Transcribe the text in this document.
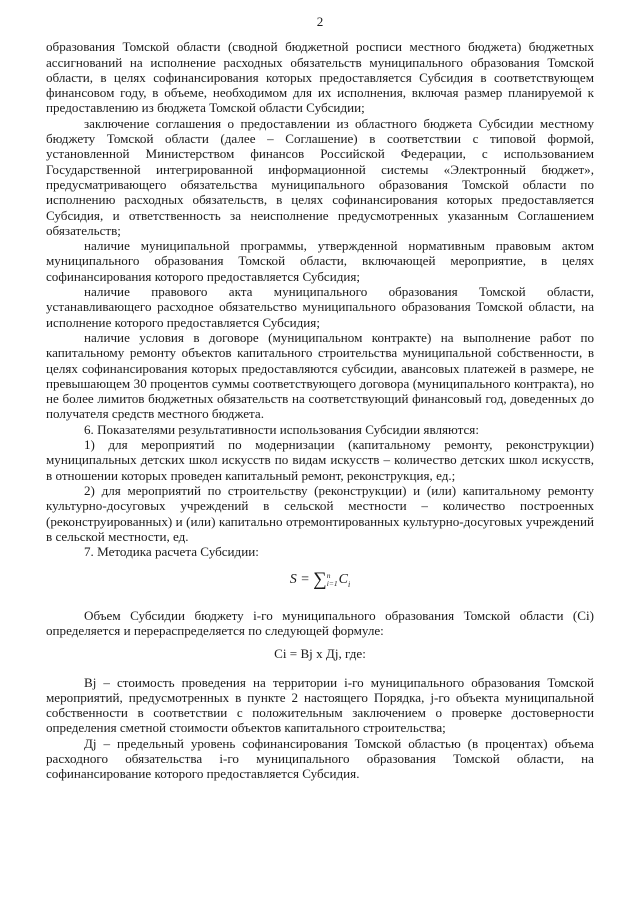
2

образования Томской области (сводной бюджетной росписи местного бюджета) бюджетных ассигнований на исполнение расходных обязательств муниципального образования Томской области, в целях софинансирования которых предоставляется Субсидия в соответствующем финансовом году, в объеме, необходимом для их исполнения, включая размер планируемой к предоставлению из бюджета Томской области Субсидии;

заключение соглашения о предоставлении из областного бюджета Субсидии местному бюджету Томской области (далее – Соглашение) в соответствии с типовой формой, установленной Министерством финансов Российской Федерации, с использованием Государственной интегрированной информационной системы «Электронный бюджет», предусматривающего обязательства муниципального образования Томской области по исполнению расходных обязательств, в целях софинансирования которых предоставляется Субсидия, и ответственность за неисполнение предусмотренных указанным Соглашением обязательств;

наличие муниципальной программы, утвержденной нормативным правовым актом муниципального образования Томской области, включающей мероприятие, в целях софинансирования которого предоставляется Субсидия;

наличие правового акта муниципального образования Томской области, устанавливающего расходное обязательство муниципального образования Томской области, на исполнение которого предоставляется Субсидия;

наличие условия в договоре (муниципальном контракте) на выполнение работ по капитальному ремонту объектов капитального строительства муниципальной собственности, в целях софинансирования которых предоставляются субсидии, авансовых платежей в размере, не превышающем 30 процентов суммы соответствующего договора (муниципального контракта), но не более лимитов бюджетных обязательств на соответствующий финансовый год, доведенных до получателя средств местного бюджета.

6. Показателями результативности использования Субсидии являются:

1) для мероприятий по модернизации (капитальному ремонту, реконструкции) муниципальных детских школ искусств по видам искусств – количество детских школ искусств, в отношении которых проведен капитальный ремонт, реконструкция, ед.;

2) для мероприятий по строительству (реконструкции) и (или) капитальному ремонту культурно-досуговых учреждений в сельской местности – количество построенных (реконструированных) и (или) капитально отремонтированных культурно-досуговых учреждений в сельской местности, ед.

7. Методика расчета Субсидии:

S = ∑n
$i=1C_i$

Объем Субсидии бюджету i-го муниципального образования Томской области (Ci) определяется и перераспределяется по следующей формуле:

Ci = Bj x Дj, где:

Bj – стоимость проведения на территории i-го муниципального образования Томской мероприятий, предусмотренных в пункте 2 настоящего Порядка, j-го объекта муниципальной собственности в соответствии с положительным заключением о проверке достоверности определения сметной стоимости объектов капитального строительства;

Дj – предельный уровень софинансирования Томской областью (в процентах) объема расходного обязательства i-го муниципального образования Томской области, на софинансирование которого предоставляется Субсидия.
